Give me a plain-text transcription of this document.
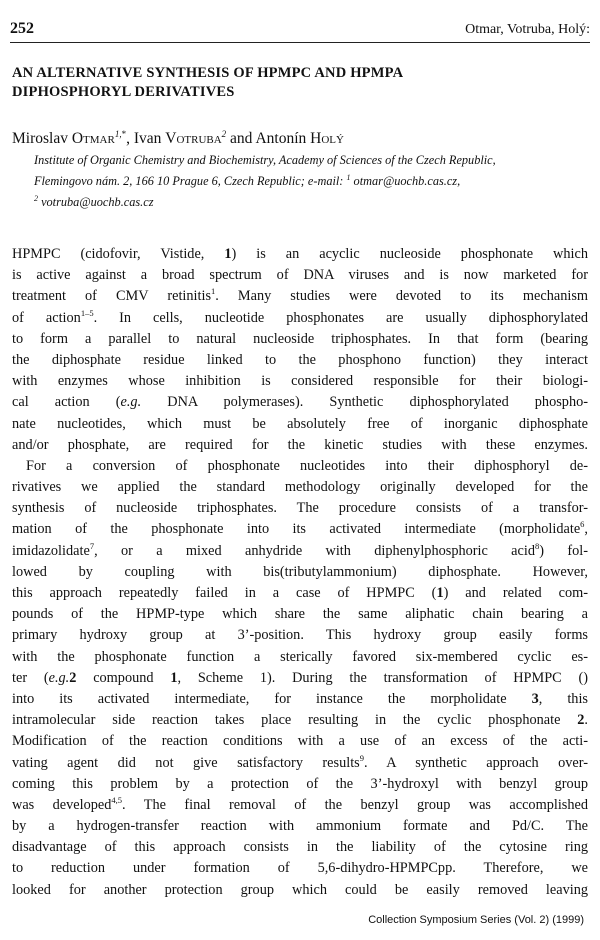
252	Otmar, Votruba, Holý:
AN ALTERNATIVE SYNTHESIS OF HPMPC AND HPMPA
DIPHOSPHORYL DERIVATIVES
Miroslav Otmar$^{1,*}$, Ivan Votruba$^2$ and Antonín Holý
Institute of Organic Chemistry and Biochemistry, Academy of Sciences of the Czech Republic,
Flemingovo nám. 2, 166 10 Prague 6, Czech Republic; e-mail: $^1$ otmar@uochb.cas.cz,
$^2$ votruba@uochb.cas.cz
HPMPC (cidofovir, Vistide, 1) is an acyclic nucleoside phosphonate which
is active against a broad spectrum of DNA viruses and is now marketed for
treatment of CMV retinitis$^1$. Many studies were devoted to its mechanism
of action$^{1-5}$. In cells, nucleotide phosphonates are usually diphosphorylated
to form a parallel to natural nucleoside triphosphates. In that form (bearing
the diphosphate residue linked to the phosphono function) they interact
with enzymes whose inhibition is considered responsible for their biologi-
cal action (e.g. DNA polymerases). Synthetic diphosphorylated phospho-
nate nucleotides, which must be absolutely free of inorganic diphosphate
and/or phosphate, are required for the kinetic studies with these enzymes.
For a conversion of phosphonate nucleotides into their diphosphoryl de-
rivatives we applied the standard methodology originally developed for the
synthesis of nucleoside triphosphates. The procedure consists of a transfor-
mation of the phosphonate into its activated intermediate (morpholidate$^6$,
imidazolidate$^7$, or a mixed anhydride with diphenylphosphoric acid$^8$) fol-
lowed by coupling with bis(tributylammonium) diphosphate. However,
this approach repeatedly failed in a case of HPMPC (1) and related com-
pounds of the HPMP-type which share the same aliphatic chain bearing a
primary hydroxy group at 3’-position. This hydroxy group easily forms
with the phosphonate function a sterically favored six-membered cyclic es-
ter (e.g.2 compound 1, Scheme 1). During the transformation of HPMPC ()
into its activated intermediate, for instance the morpholidate 3, this
intramolecular side reaction takes place resulting in the cyclic phosphonate 2.
Modification of the reaction conditions with a use of an excess of the acti-
vating agent did not give satisfactory results$^9$. A synthetic approach over-
coming this problem by a protection of the 3’-hydroxyl with benzyl group
was developed$^{4,5}$. The final removal of the benzyl group was accomplished
by a hydrogen-transfer reaction with ammonium formate and Pd/C. The
disadvantage of this approach consists in the liability of the cytosine ring
to reduction under formation of 5,6-dihydro-HPMPCpp. Therefore, we
looked for another protection group which could be easily removed leaving
Collection Symposium Series (Vol. 2) (1999)
